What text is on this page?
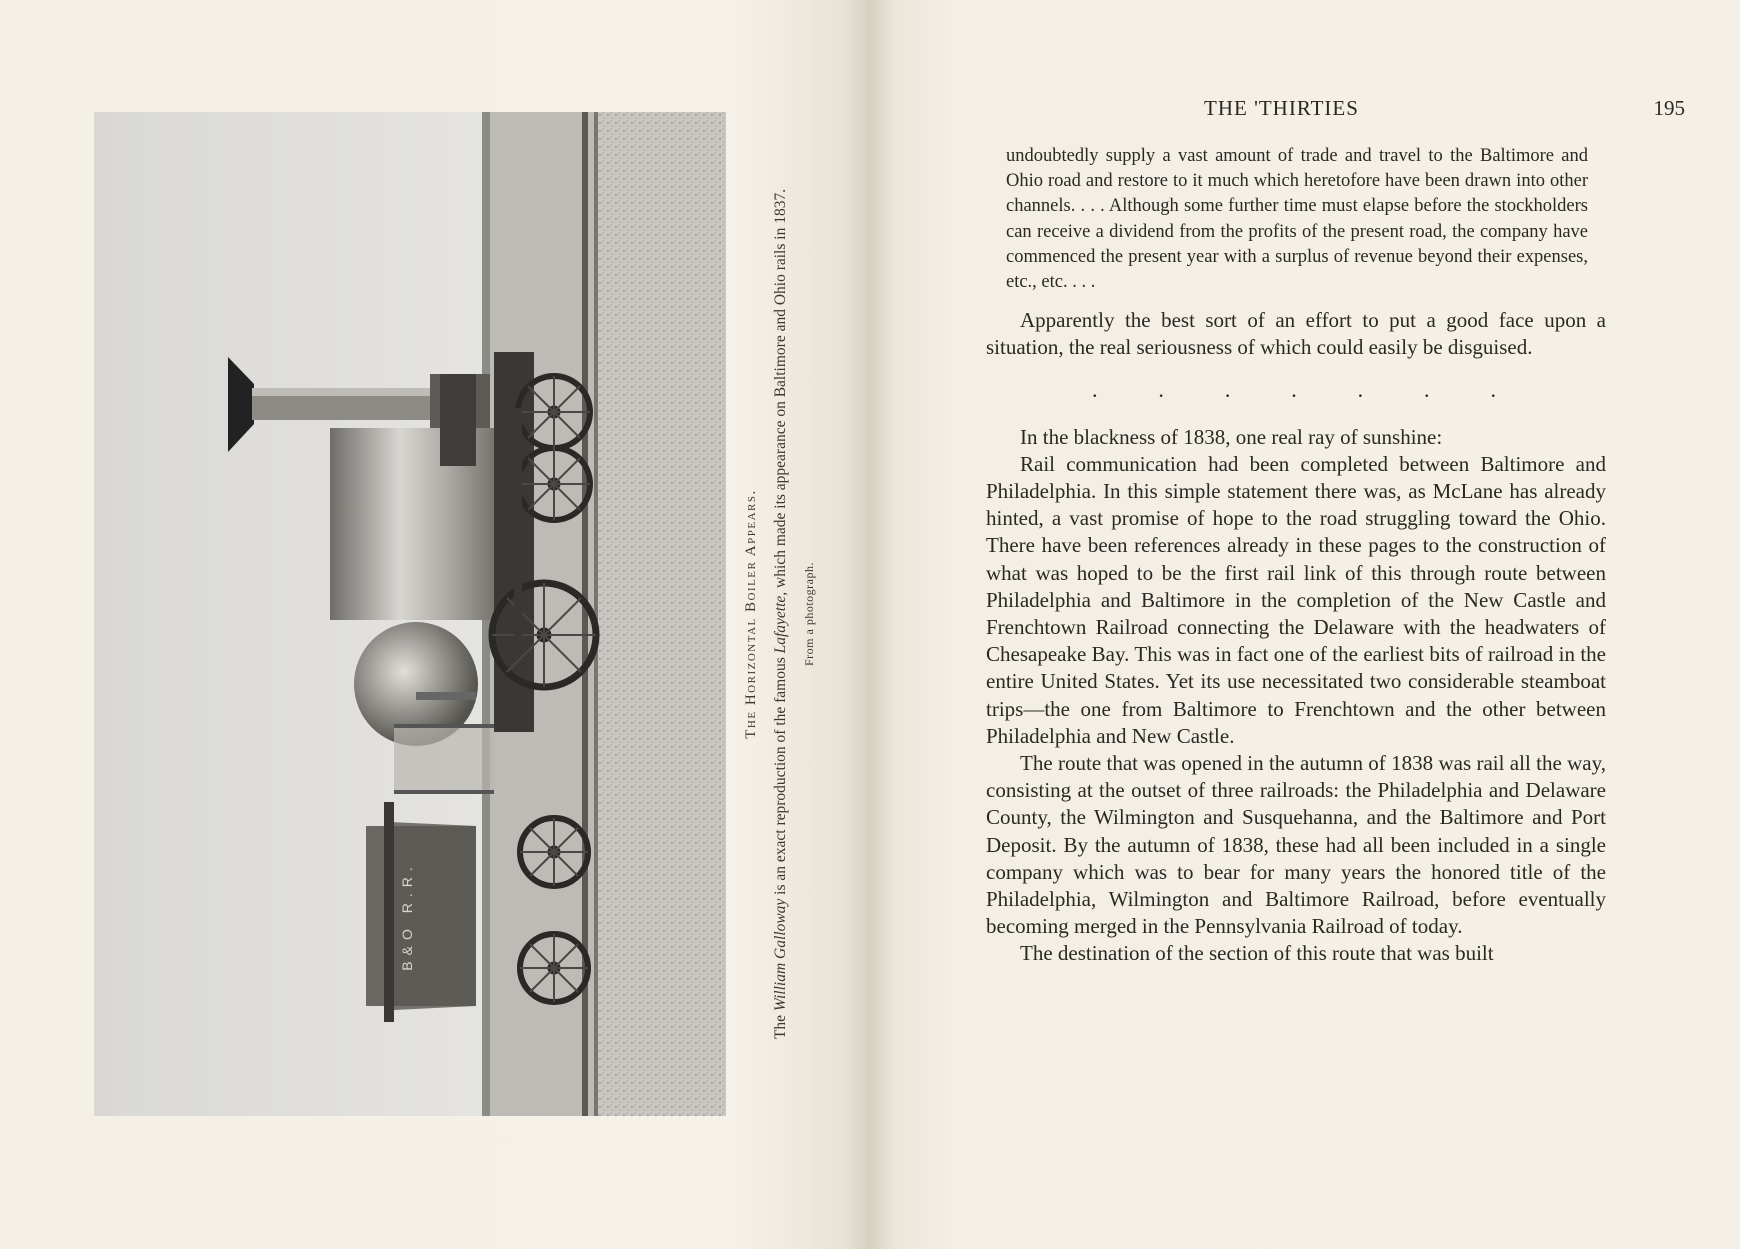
B&O R.R.
The Horizontal Boiler Appears.
The William Galloway is an exact reproduction of the famous Lafayette, which made its appearance on Baltimore and Ohio rails in 1837.
From a photograph.
THE 'THIRTIES	195

undoubtedly supply a vast amount of trade and travel to the Baltimore and Ohio road and restore to it much which heretofore have been drawn into other channels. . . . Although some further time must elapse before the stockholders can receive a dividend from the profits of the present road, the company have commenced the present year with a surplus of revenue beyond their expenses, etc., etc. . . .

Apparently the best sort of an effort to put a good face upon a situation, the real seriousness of which could easily be disguised.

.	.	.	.	.	.	.

In the blackness of 1838, one real ray of sunshine:

Rail communication had been completed between Baltimore and Philadelphia. In this simple statement there was, as McLane has already hinted, a vast promise of hope to the road struggling toward the Ohio. There have been references already in these pages to the construction of what was hoped to be the first rail link of this through route between Philadelphia and Baltimore in the completion of the New Castle and Frenchtown Railroad connecting the Delaware with the headwaters of Chesapeake Bay. This was in fact one of the earliest bits of railroad in the entire United States. Yet its use necessitated two considerable steamboat trips—the one from Baltimore to Frenchtown and the other between Philadelphia and New Castle.

The route that was opened in the autumn of 1838 was rail all the way, consisting at the outset of three railroads: the Philadelphia and Delaware County, the Wilmington and Susquehanna, and the Baltimore and Port Deposit. By the autumn of 1838, these had all been included in a single company which was to bear for many years the honored title of the Philadelphia, Wilmington and Baltimore Railroad, before eventually becoming merged in the Pennsylvania Railroad of today.

The destination of the section of this route that was built
